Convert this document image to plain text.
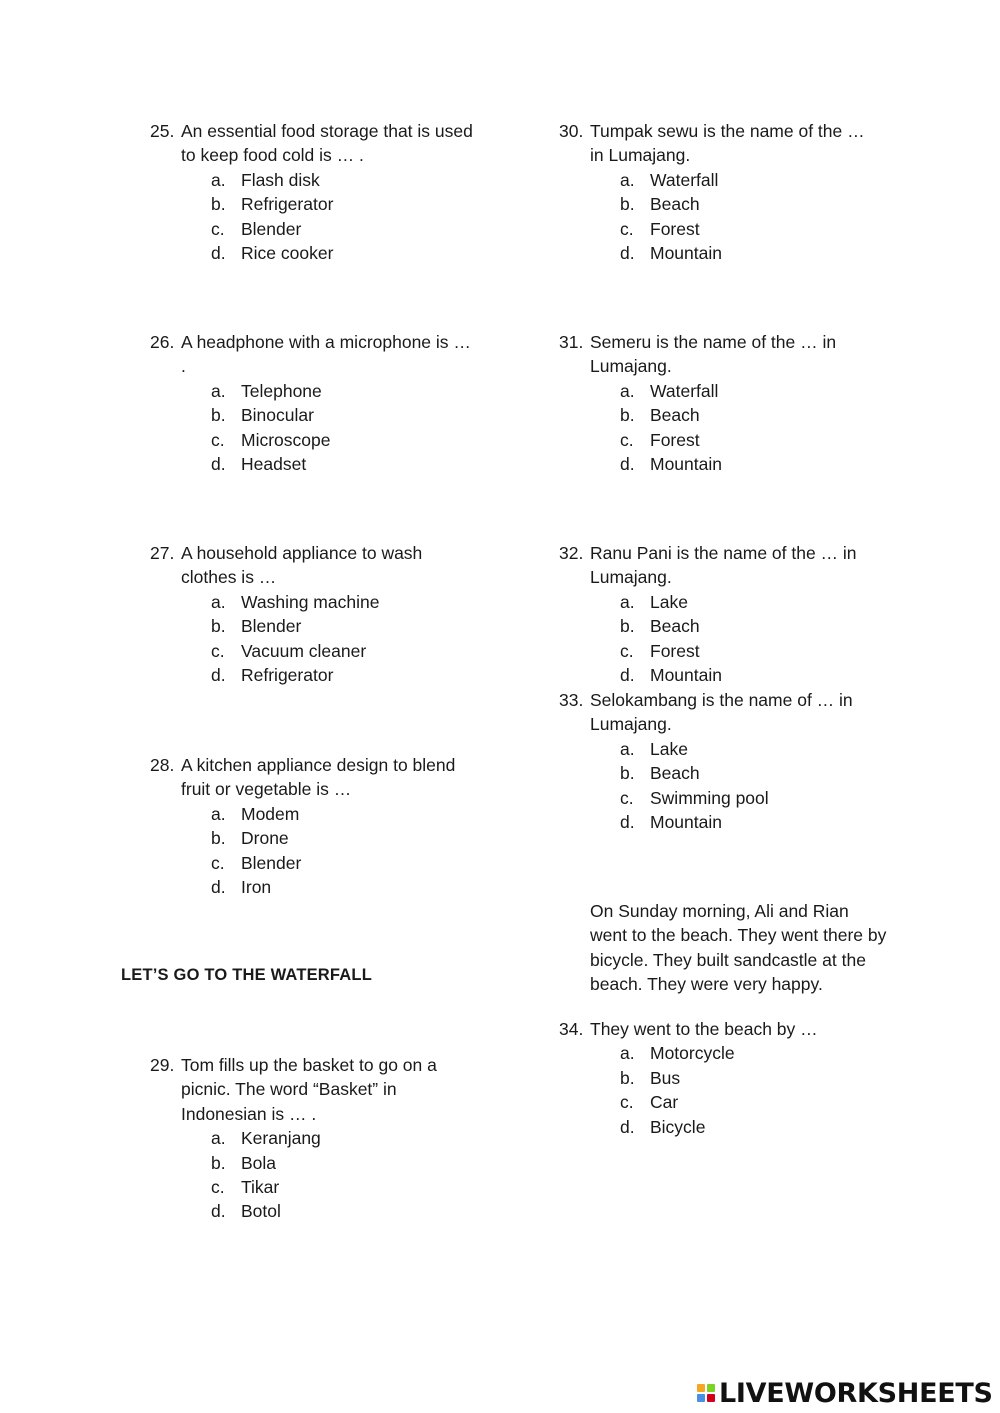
25. An essential food storage that is used to keep food cold is … .
a. Flash disk
b. Refrigerator
c. Blender
d. Rice cooker
26. A headphone with a microphone is … .
a. Telephone
b. Binocular
c. Microscope
d. Headset
27. A household appliance to wash clothes is …
a. Washing machine
b. Blender
c. Vacuum cleaner
d. Refrigerator
28. A kitchen appliance design to blend fruit or vegetable is …
a. Modem
b. Drone
c. Blender
d. Iron
LET’S GO TO THE WATERFALL
29. Tom fills up the basket to go on a picnic. The word “Basket” in Indonesian is … .
a. Keranjang
b. Bola
c. Tikar
d. Botol
30. Tumpak sewu is the name of the … in Lumajang.
a. Waterfall
b. Beach
c. Forest
d. Mountain
31. Semeru is the name of the … in Lumajang.
a. Waterfall
b. Beach
c. Forest
d. Mountain
32. Ranu Pani is the name of the … in Lumajang.
a. Lake
b. Beach
c. Forest
d. Mountain
33. Selokambang is the name of … in Lumajang.
a. Lake
b. Beach
c. Swimming pool
d. Mountain
On Sunday morning, Ali and Rian went to the beach. They went there by bicycle. They built sandcastle at the beach. They were very happy.
34. They went to the beach by …
a. Motorcycle
b. Bus
c. Car
d. Bicycle
LIVEWORKSHEETS
